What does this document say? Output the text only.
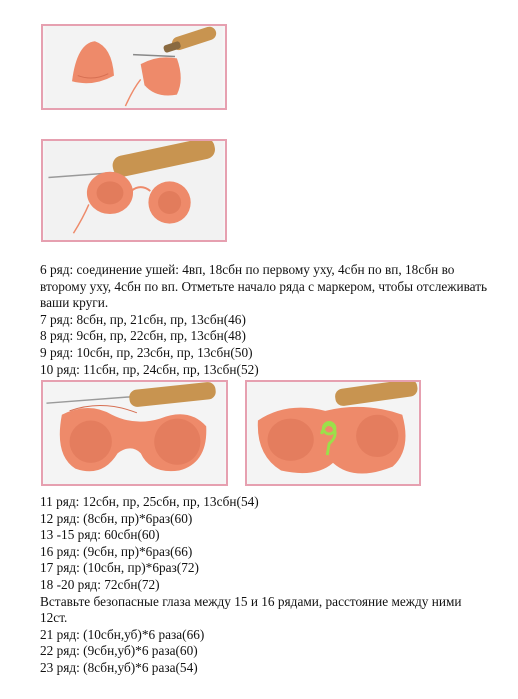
6 ряд: соединение ушей: 4вп, 18сбн по первому уху, 4сбн по вп, 18сбн во второму уху, 4сбн по вп. Отметьте начало ряда с маркером, чтобы отслеживать ваши круги.
7 ряд: 8сбн, пр, 21сбн, пр, 13сбн(46)
8 ряд: 9сбн, пр, 22сбн, пр, 13сбн(48)
9 ряд: 10сбн, пр, 23сбн, пр, 13сбн(50)
10 ряд: 11сбн, пр, 24сбн, пр, 13сбн(52)
11 ряд: 12сбн, пр, 25сбн, пр, 13сбн(54)
12 ряд: (8сбн, пр)*6раз(60)
13 -15 ряд: 60сбн(60)
16 ряд: (9сбн, пр)*6раз(66)
17 ряд: (10сбн, пр)*6раз(72)
18 -20 ряд: 72сбн(72)
Вставьте безопасные глаза между 15 и 16 рядами, расстояние между ними 12ст.
21 ряд: (10сбн,уб)*6 раза(66)
22 ряд: (9сбн,уб)*6 раза(60)
23 ряд: (8сбн,уб)*6 раза(54)
